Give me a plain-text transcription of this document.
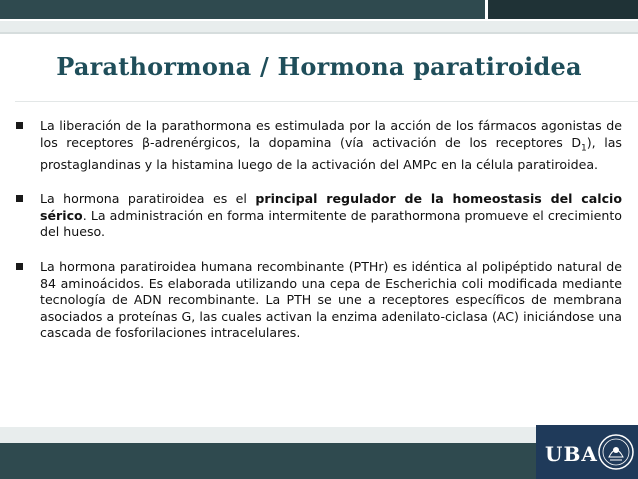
Parathormona / Hormona paratiroidea
La liberación de la parathormona es estimulada por la acción de los fármacos agonistas de los receptores β-adrenérgicos, la dopamina (vía activación de los receptores $D_1$), las prostaglandinas y la histamina luego de la activación del AMPc en la célula paratiroidea.
La hormona paratiroidea es el principal regulador de la homeostasis del calcio sérico. La administración en forma intermitente de parathormona promueve el crecimiento del hueso.
La hormona paratiroidea humana recombinante (PTHr) es idéntica al polipéptido natural de 84 aminoácidos. Es elaborada utilizando una cepa de Escherichia coli modificada mediante tecnología de ADN recombinante. La PTH se une a receptores específicos de membrana asociados a proteínas G, las cuales activan la enzima adenilato-ciclasa (AC) iniciándose una cascada de fosforilaciones intracelulares.
UBA
